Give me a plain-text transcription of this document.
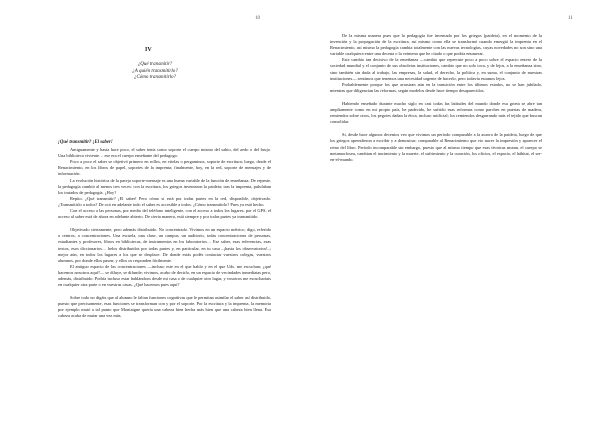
10
IV
¿Qué transmitir?
¿A quién transmitirlo?
¿Cómo transmitirlo?
¡Qué transmitir? ¡El saber!

Antiguamente y hasta hace poco, el saber tenía como soporte el cuerpo mismo del sabio, del aedo o del brujo. Una biblioteca viviente… ese era el cuerpo enseñante del pedagogo.

Poco a poco el saber se objetivó primero en rollos, en vitelas o pergaminos, soporte de escritura; luego, desde el Renacimiento, en los libros de papel, soportes de la imprenta; finalmente, hoy, en la red, soporte de mensajes y de información.

La evolución histórica de la pareja soporte-mensaje es una buena variable de la función de enseñanza. De repente, la pedagogía cambió al menos tres veces: con la escritura, los griegos inventaron la paideia; tras la imprenta, pululaban los tratados de pedagogía. ¿Hoy?

Repito. ¿Qué transmitir? ¡El saber! Pero cómo si está por todas partes en la red, disponible, objetivado. ¿Transmitirlo a todos? De ocá en adelante todo el saber es accesible a todos. ¿Cómo transmitirlo? Pues ya está hecho.

Con el acceso a las personas, por medio del teléfono inteligente, con el acceso a todos los lugares, por el GPS, el acceso al saber está de ahora en adelante abierto. De cierta manera, está siempre y por todas partes ya transmitido.

Objetivado ciertamente, pero además distribuido. No concentrado. Vivimos en un espacio métrico, digo, referido a centros, a concentraciones. Una escuela, una clase, un campus, un auditorio, todas concentraciones de personas, estudiantes y profesores, libros en bibliotecas, de instrumentos en los laboratorios… Ese saber, esas referencias, esas textos, esos diccionarios… helos distribuidos por todas partes y, en particular, en tu casa –¡hasta los observatorios!–; mejor aún, en todos los lugares a los que se desplace. De donde estás podés contactar vuestros colegas, vuestros alumnos, por donde ellos pasen; y ellos os responden fácilmente.

El antiguo espacio de las concentraciones —incluso este en el que hablo y en el que Uds. me escuchan; ¿qué hacemos nosotros aquí?— se diluye, se difunde; vivimos, acabo de decirlo, en un espacio de vecindades inmediatas pero, además, distribuido. Podría incluso estar hablándoos desde mi casa o de cualquier otro lugar, y vosotros me escucharíais en cualquier otra parte o en vuestras casas. ¿Qué hacemos pues aquí?

Sobre todo no digáis que al alumno le faltan funciones cognitivas que le permitan asimilar el saber así distribuido, puesto que precisamente, esas funciones se transforman con y por el soporte. Por la escritura y la imprenta, la memoria por ejemplo mutó a tal punto que Montaigne quería una cabeza bien hecha más bien que una cabeza bien llena. Esa cabeza acaba de mutar una vez más.

11

De la misma manera pues que la pedagogía fue inventada por los griegos (paideia), en el momento de la invención y la propagación de la escritura, así mismo como ella se transformó cuando emergió la imprenta en el Renacimiento, así mismo la pedagogía cambia totalmente con las nuevas tecnologías, cuyas novedades no son sino una variable cualquiera entre una decena o la veintena que he citado o que podría enumerar.

Este cambio tan decisivo de la enseñanza —cambio que repercute poco a poco sobre el espacio entero de la sociedad mundial y el conjunto de sus obsoletas instituciones, cambio que no solo toca, y de lejos, a la enseñanza sino, sino también sin duda al trabajo, las empresas, la salud, el derecho, la política y, en suma, el conjunto de nuestras instituciones— sentimos que tenemos una necesidad urgente de hacerlo, pero todavía estamos lejos.

Probablemente porque los que arrastran aún en la transición entre los últimos estados, no se han jubilado, mientras que diligencian las reformas, según modelos desde hace tiempo desaparecidos.

Habiendo enseñado durante mucho siglo en casi todas las latitudes del mundo donde esa grieta se abre tan ampliamente como en mi propio país, he padecido, he sufrido esas reformas como parches en puertas de madera, remiendos sobre otros, los pegotes dañan la ética, incluso artificial; los remiendos desgarrando más el tejido que buscan consolidar.

Si, desde hace algunos decenios veo que vivimos un período comparable a la aurora de la paideia, luego de que los griegos aprendieron a escribir y a demostrar; comparable al Renacimiento que vio nacer la impresión y aparecer el reino del libro. Período incomparable sin embargo, puesto que al mismo tiempo que esas técnicas mutan, el cuerpo se metamorfosea, cambian el nacimiento y la muerte, el sufrimiento y la curación, los oficios, el espacio, el hábitat, el ser-en-el-mundo.
